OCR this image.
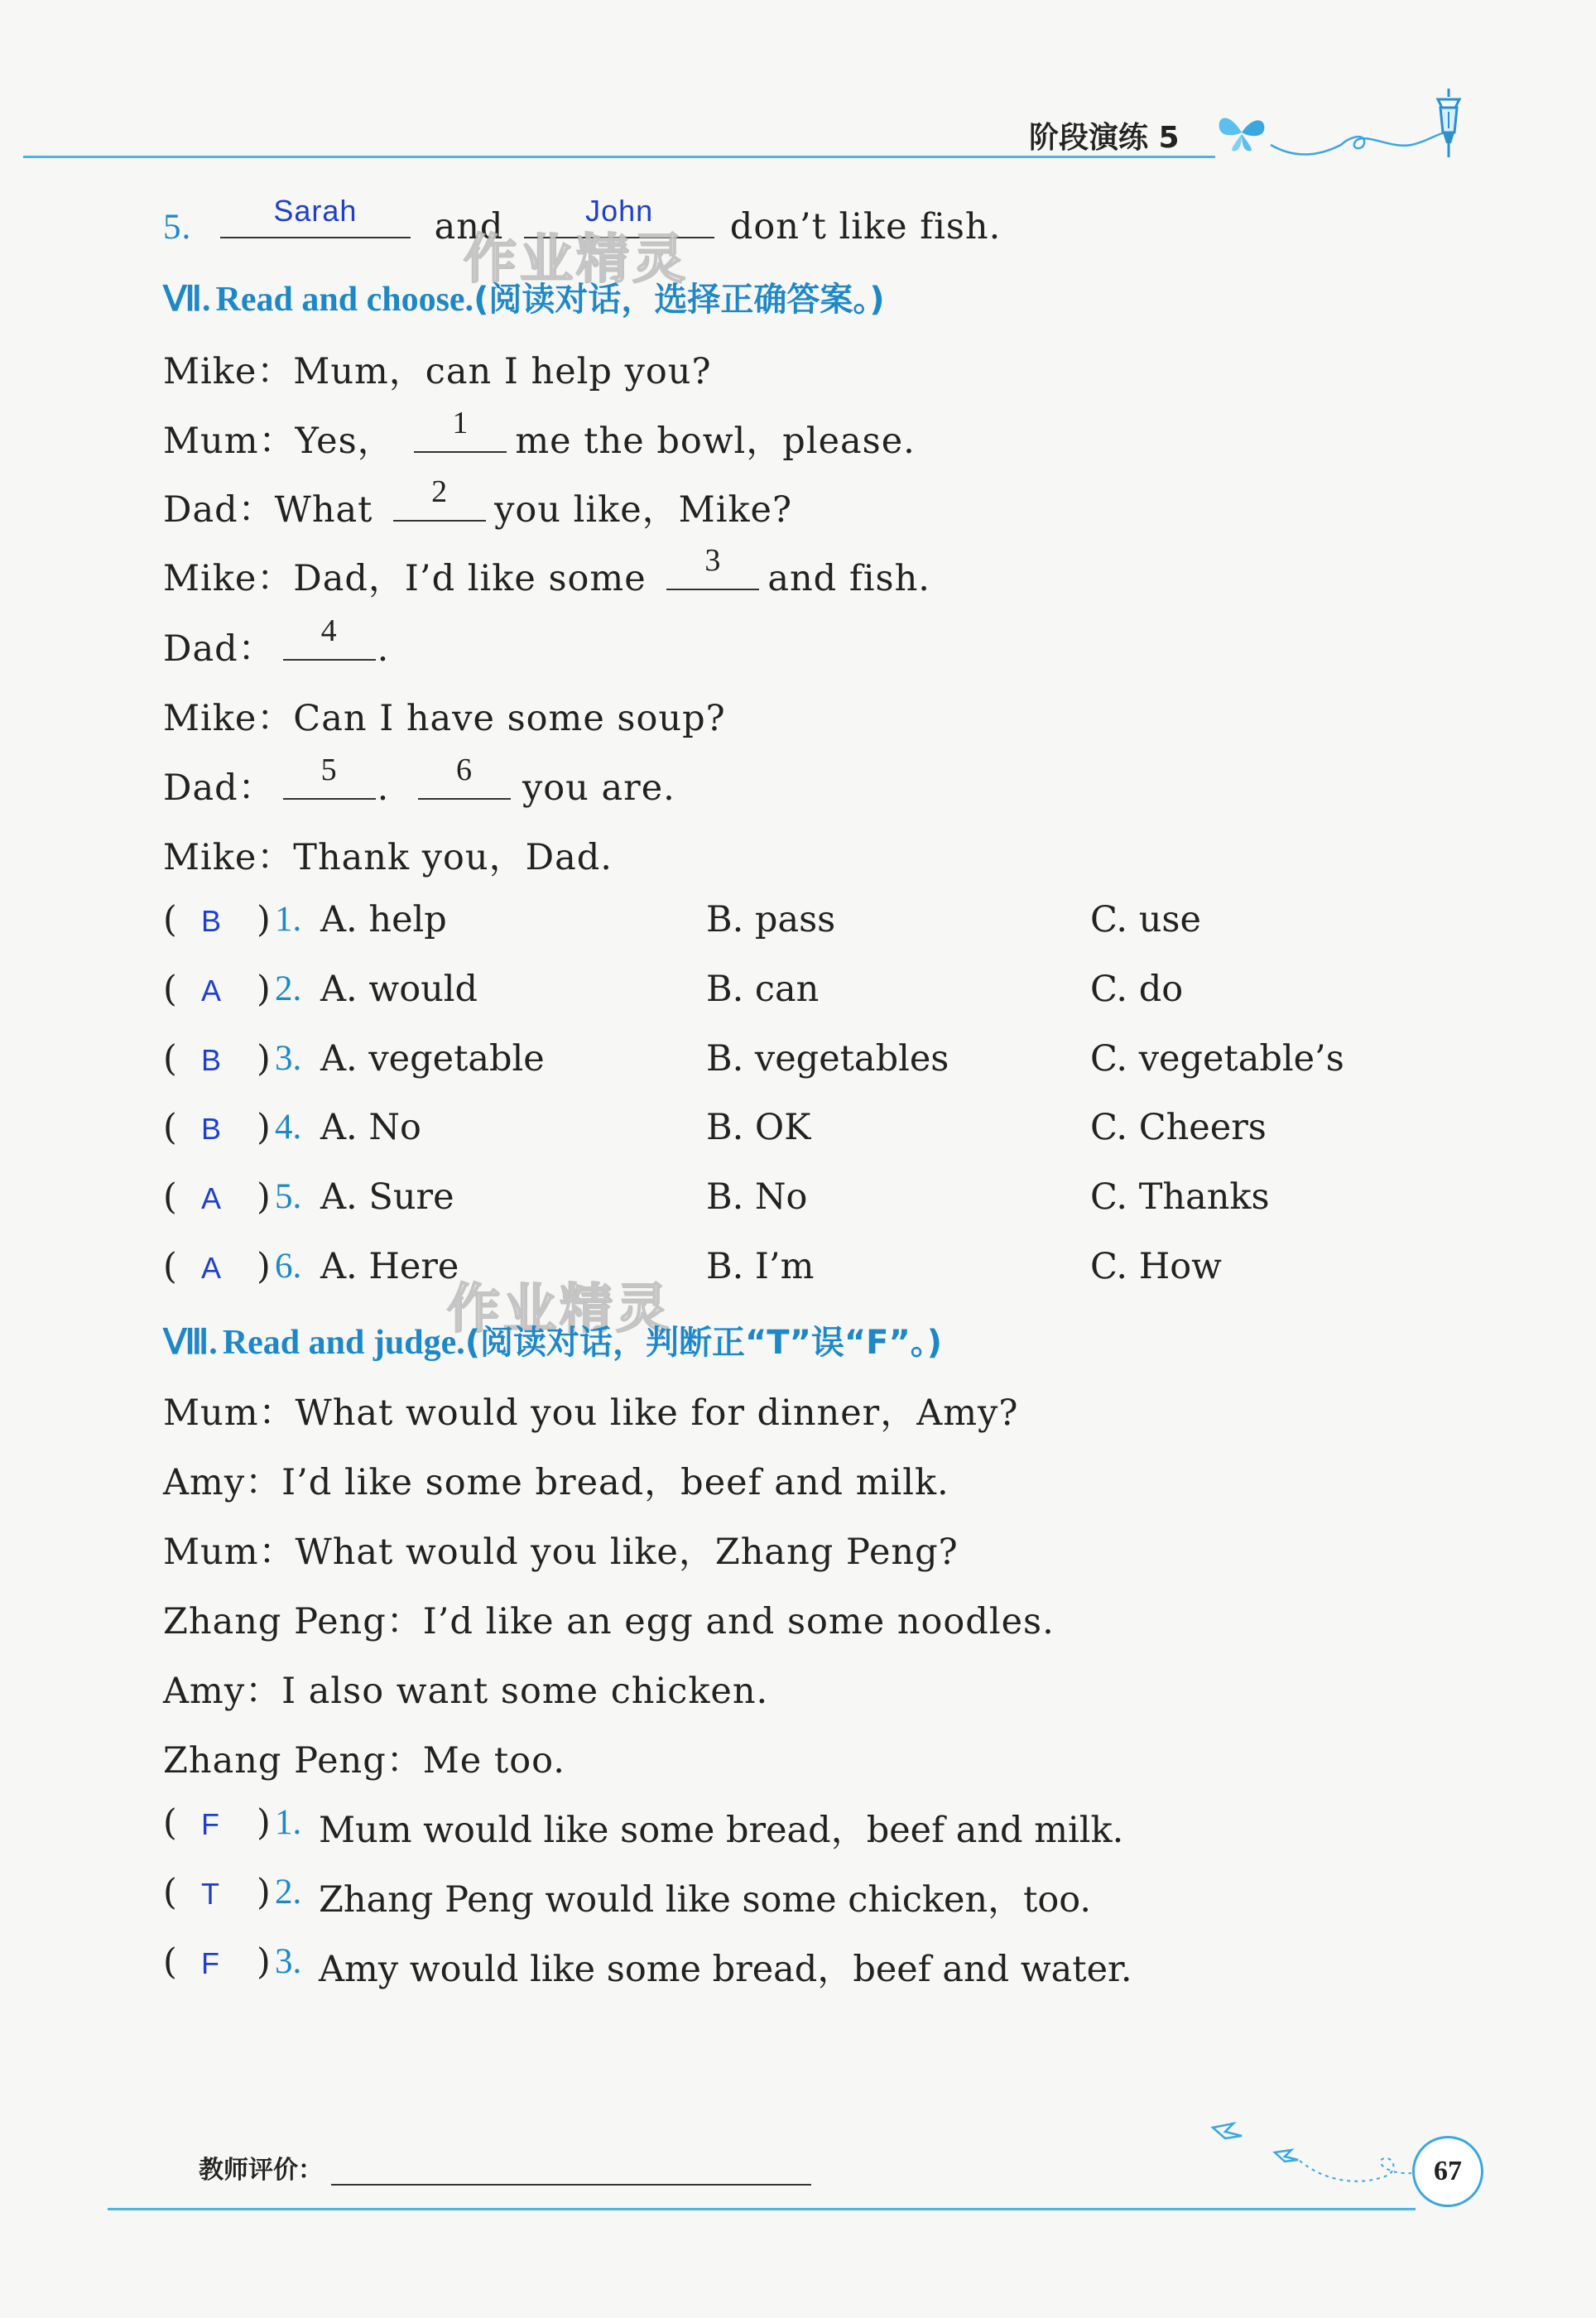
阶段演练 5
5.	Sarah	and	John	don’t like fish.
作业精灵
Ⅶ. Read and choose.(阅读对话，选择正确答案。)
Mike：Mum，can I help you?
Mum：Yes，	1	me the bowl，please.
Dad：What	2	you like，Mike?
Mike：Dad，I’d like some	3	and fish.
Dad：	4	.
Mike：Can I have some soup?
Dad：	5	.	6	you are.
Mike：Thank you，Dad.
( B ) 1. A. help	B. pass	C. use
( A ) 2. A. would	B. can	C. do
( B ) 3. A. vegetable	B. vegetables	C. vegetable’s
( B ) 4. A. No	B. OK	C. Cheers
( A ) 5. A. Sure	B. No	C. Thanks
( A ) 6. A. Here	B. I’m	C. How
作业精灵
Ⅷ. Read and judge.(阅读对话，判断正“T”误“F”。)
Mum：What would you like for dinner，Amy?
Amy：I’d like some bread，beef and milk.
Mum：What would you like，Zhang Peng?
Zhang Peng：I’d like an egg and some noodles.
Amy：I also want some chicken.
Zhang Peng：Me too.
( F ) 1. Mum would like some bread，beef and milk.
( T ) 2. Zhang Peng would like some chicken，too.
( F ) 3. Amy would like some bread，beef and water.
教师评价：	67
